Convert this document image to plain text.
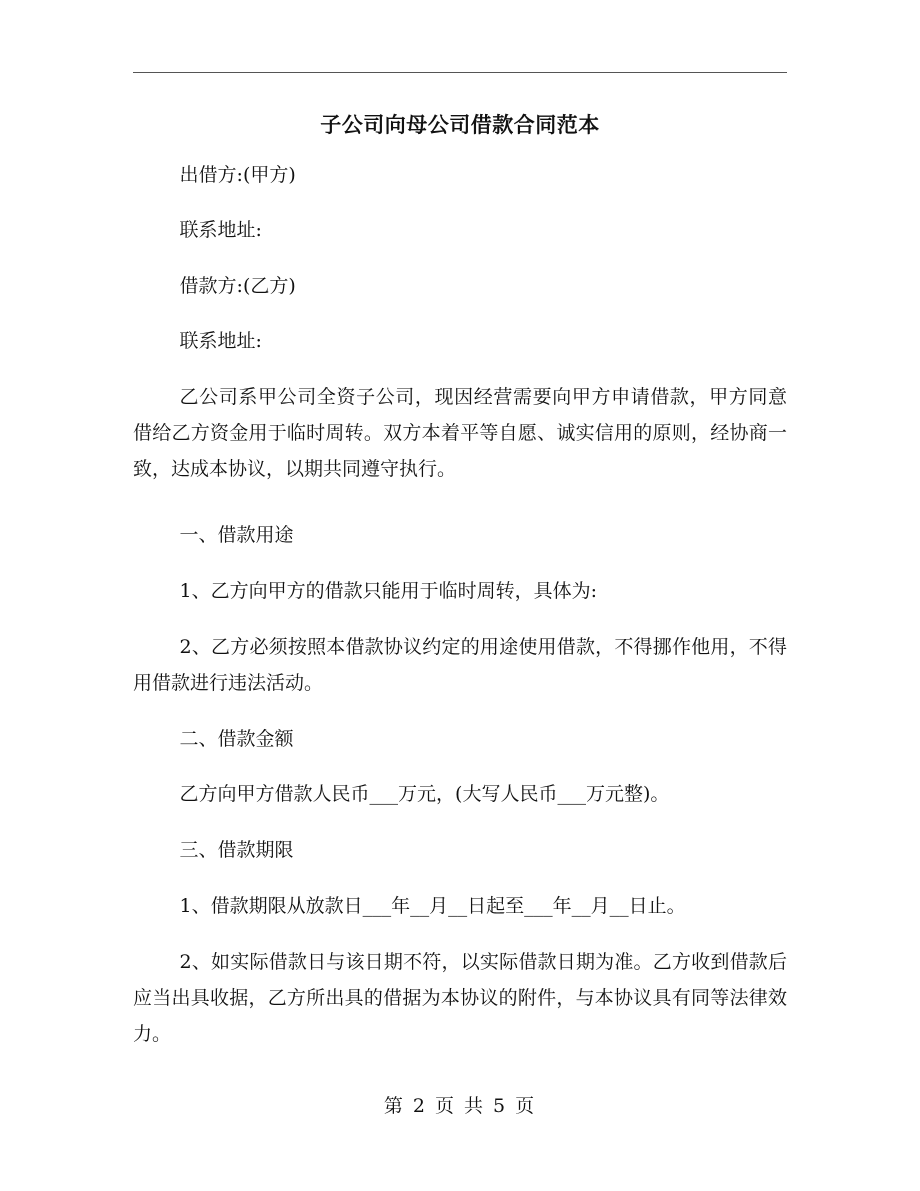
子公司向母公司借款合同范本

出借方:(甲方)

联系地址:

借款方:(乙方)

联系地址:

乙公司系甲公司全资子公司，现因经营需要向甲方申请借款，甲方同意借给乙方资金用于临时周转。双方本着平等自愿、诚实信用的原则，经协商一致，达成本协议，以期共同遵守执行。

一、借款用途

1、乙方向甲方的借款只能用于临时周转，具体为:

2、乙方必须按照本借款协议约定的用途使用借款，不得挪作他用，不得用借款进行违法活动。

二、借款金额

乙方向甲方借款人民币___万元，(大写人民币___万元整)。

三、借款期限

1、借款期限从放款日___年__月__日起至___年__月__日止。

2、如实际借款日与该日期不符，以实际借款日期为准。乙方收到借款后应当出具收据，乙方所出具的借据为本协议的附件，与本协议具有同等法律效力。

第 2 页 共 5 页
